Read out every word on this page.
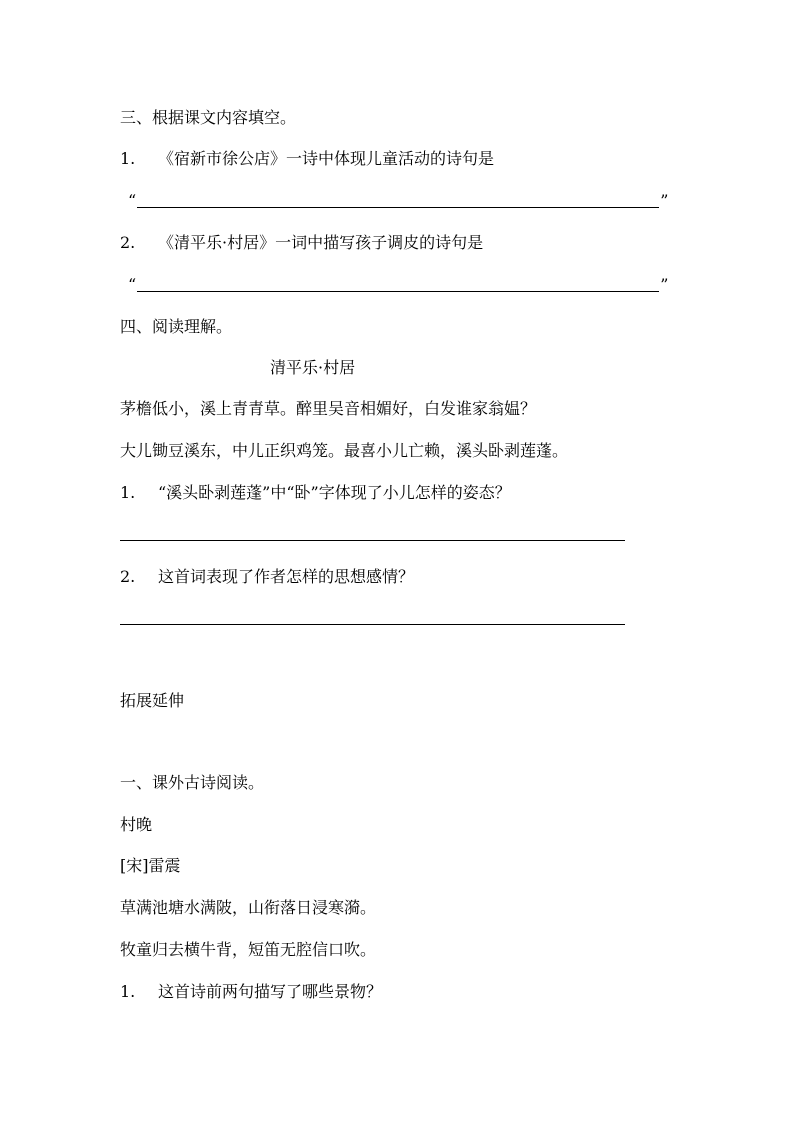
三、根据课文内容填空。
1. 《宿新市徐公店》一诗中体现儿童活动的诗句是
“	”
2. 《清平乐·村居》一词中描写孩子调皮的诗句是
“	”
四、阅读理解。
清平乐·村居
茅檐低小，溪上青青草。醉里吴音相媚好，白发谁家翁媪？
大儿锄豆溪东，中儿正织鸡笼。最喜小儿亡赖，溪头卧剥莲蓬。
1. “溪头卧剥莲蓬”中“卧”字体现了小儿怎样的姿态？
2. 这首词表现了作者怎样的思想感情？
拓展延伸
一、课外古诗阅读。
村晚
[宋]雷震
草满池塘水满陂，山衔落日浸寒漪。
牧童归去横牛背，短笛无腔信口吹。
1. 这首诗前两句描写了哪些景物？
